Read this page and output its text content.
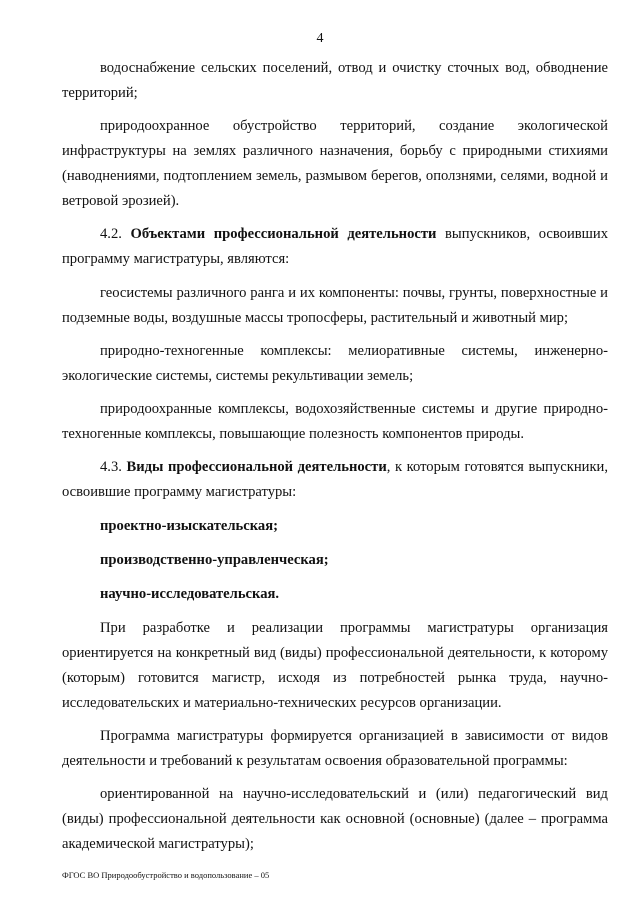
4

водоснабжение сельских поселений, отвод и очистку сточных вод, обводнение территорий;

природоохранное обустройство территорий, создание экологической инфраструктуры на землях различного назначения, борьбу с природными стихиями (наводнениями, подтоплением земель, размывом берегов, оползнями, селями, водной и ветровой эрозией).

4.2. Объектами профессиональной деятельности выпускников, освоивших программу магистратуры, являются:

геосистемы различного ранга и их компоненты: почвы, грунты, поверхностные и подземные воды, воздушные массы тропосферы, растительный и животный мир;

природно-техногенные комплексы: мелиоративные системы, инженерно-экологические системы, системы рекультивации земель;

природоохранные комплексы, водохозяйственные системы и другие природно-техногенные комплексы, повышающие полезность компонентов природы.

4.3. Виды профессиональной деятельности, к которым готовятся выпускники, освоившие программу магистратуры:

проектно-изыскательская;

производственно-управленческая;

научно-исследовательская.

При разработке и реализации программы магистратуры организация ориентируется на конкретный вид (виды) профессиональной деятельности, к которому (которым) готовится магистр, исходя из потребностей рынка труда, научно-исследовательских и материально-технических ресурсов организации.

Программа магистратуры формируется организацией в зависимости от видов деятельности и требований к результатам освоения образовательной программы:

ориентированной на научно-исследовательский и (или) педагогический вид (виды) профессиональной деятельности как основной (основные) (далее – программа академической магистратуры);

ФГОС ВО Природообустройство и водопользование – 05
